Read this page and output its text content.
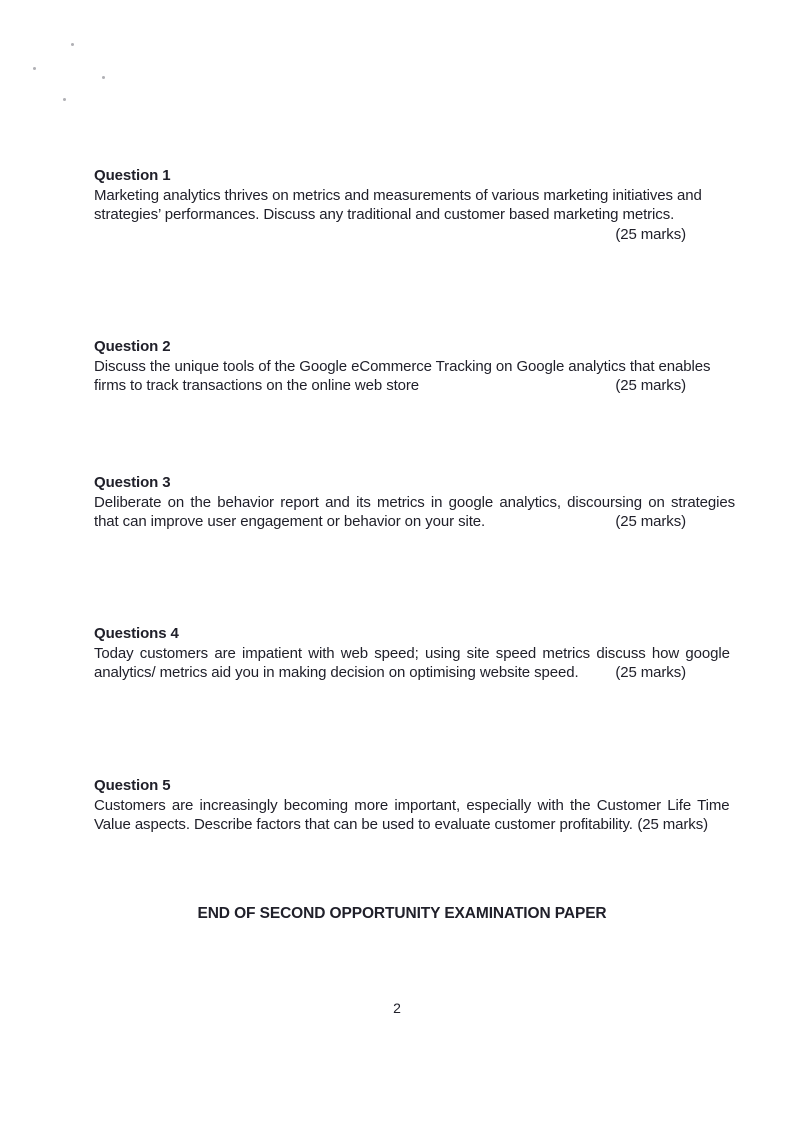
Question 1
Marketing analytics thrives on metrics and measurements of various marketing initiatives and
strategies’ performances. Discuss any traditional and customer based marketing metrics.
(25 marks)
Question 2
Discuss the unique tools of the Google eCommerce Tracking on Google analytics that enables
firms to track transactions on the online web store	(25 marks)
Question 3
Deliberate on the behavior report and its metrics in google analytics, discoursing on strategies
that can improve user engagement or behavior on your site.	(25 marks)
Questions 4
Today customers are impatient with web speed; using site speed metrics discuss how google
analytics/ metrics aid you in making decision on optimising website speed. (25 marks)
Question 5
Customers are increasingly becoming more important, especially with the Customer Life Time
Value aspects. Describe factors that can be used to evaluate customer profitability. (25 marks)
END OF SECOND OPPORTUNITY EXAMINATION PAPER
2
